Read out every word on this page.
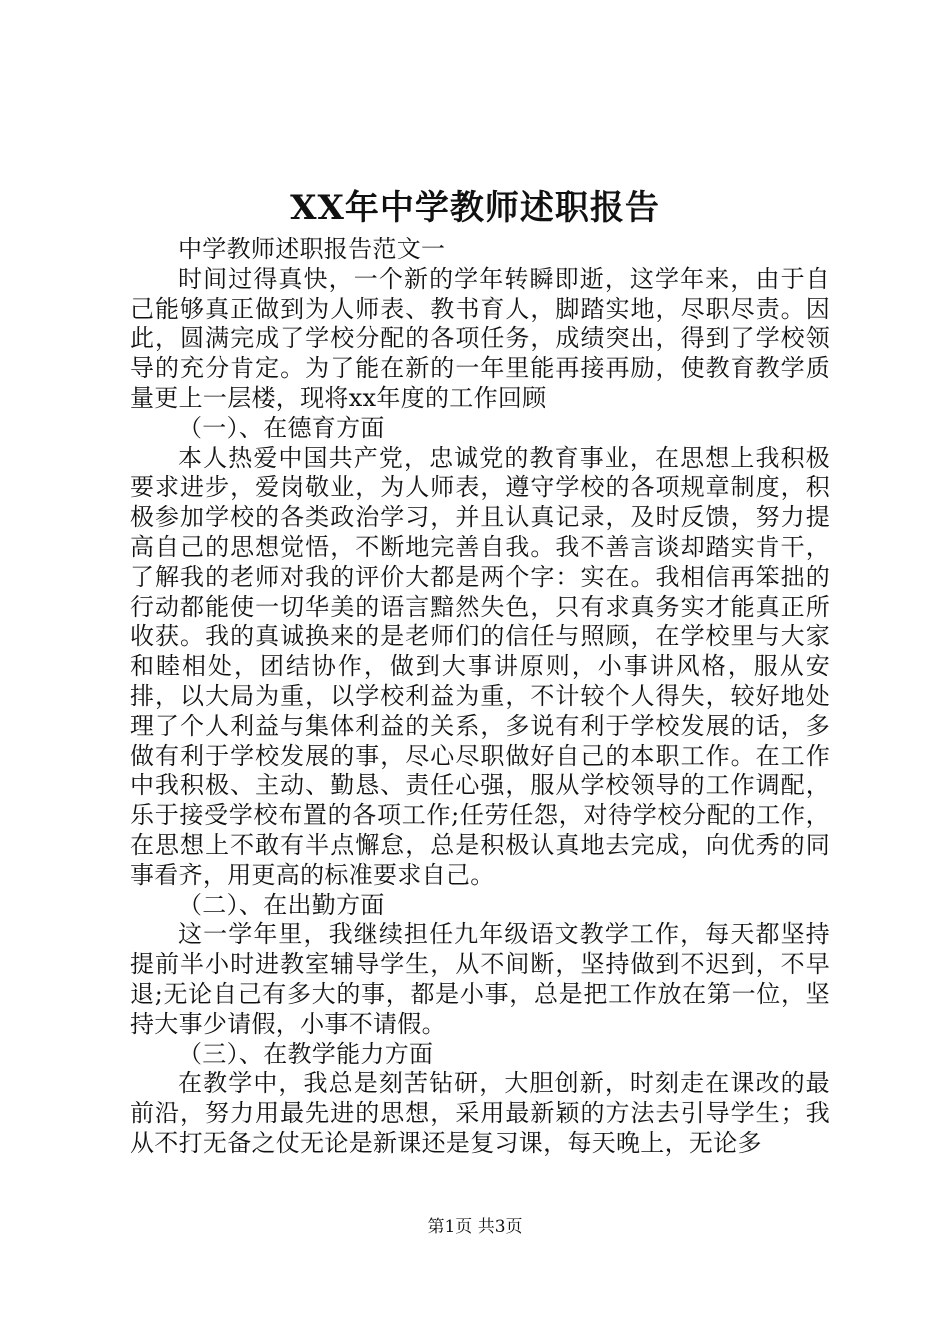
XX年中学教师述职报告

中学教师述职报告范文一

时间过得真快，一个新的学年转瞬即逝，这学年来，由于自己能够真正做到为人师表、教书育人，脚踏实地，尽职尽责。因此，圆满完成了学校分配的各项任务，成绩突出，得到了学校领导的充分肯定。为了能在新的一年里能再接再励，使教育教学质量更上一层楼，现将xx年度的工作回顾

（一）、在德育方面

本人热爱中国共产党，忠诚党的教育事业，在思想上我积极要求进步，爱岗敬业，为人师表，遵守学校的各项规章制度，积极参加学校的各类政治学习，并且认真记录，及时反馈，努力提高自己的思想觉悟，不断地完善自我。我不善言谈却踏实肯干，了解我的老师对我的评价大都是两个字：实在。我相信再笨拙的行动都能使一切华美的语言黯然失色，只有求真务实才能真正所收获。我的真诚换来的是老师们的信任与照顾，在学校里与大家和睦相处，团结协作，做到大事讲原则，小事讲风格，服从安排，以大局为重，以学校利益为重，不计较个人得失，较好地处理了个人利益与集体利益的关系，多说有利于学校发展的话，多做有利于学校发展的事，尽心尽职做好自己的本职工作。在工作中我积极、主动、勤恳、责任心强，服从学校领导的工作调配，乐于接受学校布置的各项工作;任劳任怨，对待学校分配的工作，在思想上不敢有半点懈怠，总是积极认真地去完成，向优秀的同事看齐，用更高的标准要求自己。

（二）、在出勤方面

这一学年里，我继续担任九年级语文教学工作，每天都坚持提前半小时进教室辅导学生，从不间断，坚持做到不迟到，不早退;无论自己有多大的事，都是小事，总是把工作放在第一位，坚持大事少请假，小事不请假。

（三）、在教学能力方面

在教学中，我总是刻苦钻研，大胆创新，时刻走在课改的最前沿，努力用最先进的思想，采用最新颖的方法去引导学生；我从不打无备之仗无论是新课还是复习课，每天晚上，无论多

第1页 共3页
